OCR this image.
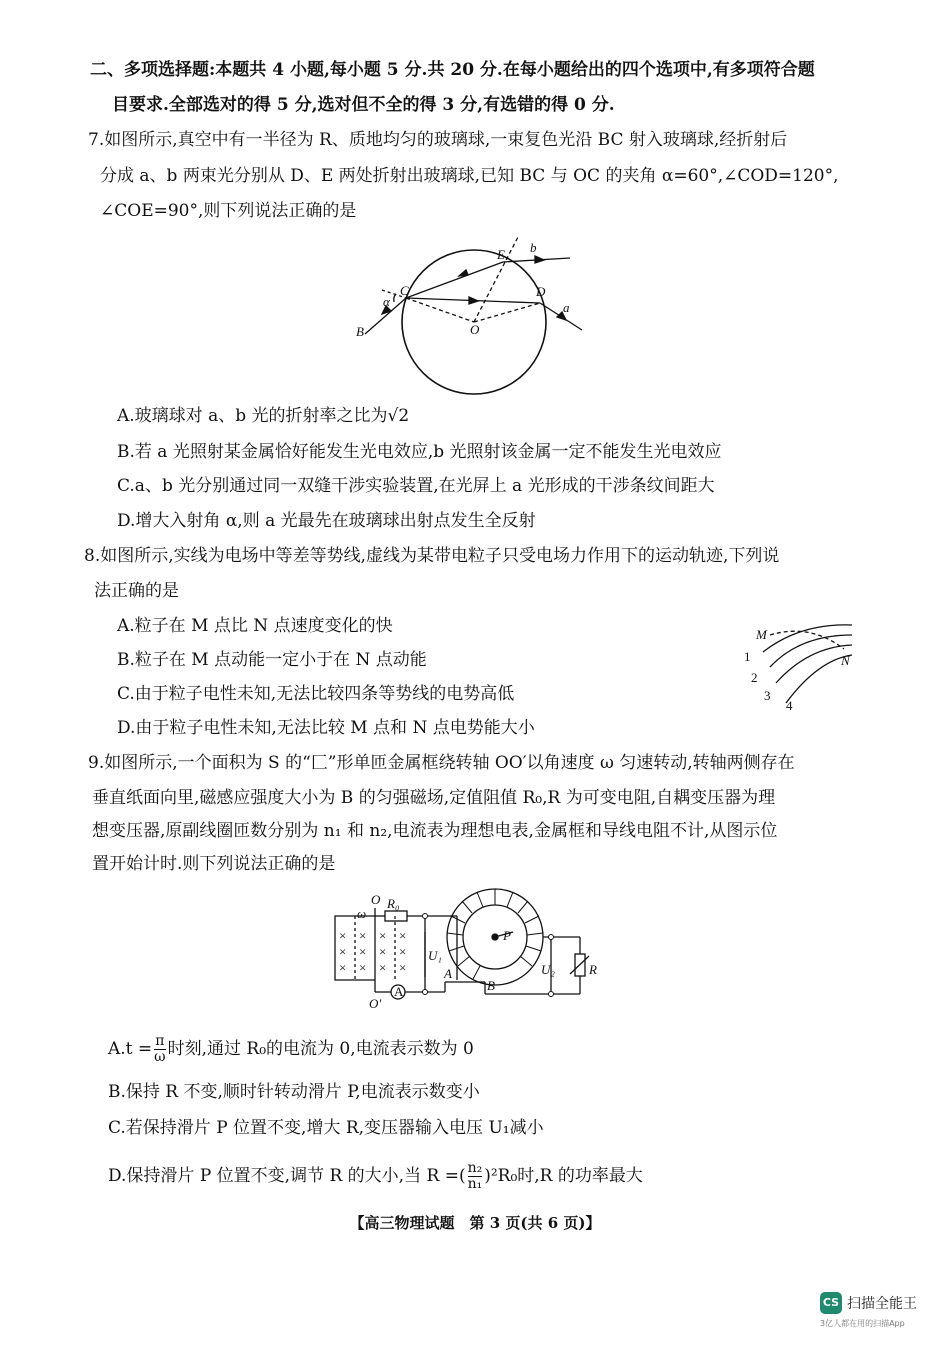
二、多项选择题:本题共 4 小题,每小题 5 分.共 20 分.在每小题给出的四个选项中,有多项符合题
目要求.全部选对的得 5 分,选对但不全的得 3 分,有选错的得 0 分.
7.如图所示,真空中有一半径为 R、质地均匀的玻璃球,一束复色光沿 BC 射入玻璃球,经折射后
分成 a、b 两束光分别从 D、E 两处折射出玻璃球,已知 BC 与 OC 的夹角 α=60°,∠COD=120°,
∠COE=90°,则下列说法正确的是
E b
C	D
a
α
B	O
A.玻璃球对 a、b 光的折射率之比为√2
B.若 a 光照射某金属恰好能发生光电效应,b 光照射该金属一定不能发生光电效应
C.a、b 光分别通过同一双缝干涉实验装置,在光屏上 a 光形成的干涉条纹间距大
D.增大入射角 α,则 a 光最先在玻璃球出射点发生全反射
8.如图所示,实线为电场中等差等势线,虚线为某带电粒子只受电场力作用下的运动轨迹,下列说
法正确的是
A.粒子在 M 点比 N 点速度变化的快
B.粒子在 M 点动能一定小于在 N 点动能
C.由于粒子电性未知,无法比较四条等势线的电势高低
D.由于粒子电性未知,无法比较 M 点和 N 点电势能大小
M
N
1
2
3
4
9.如图所示,一个面积为 S 的“匚”形单匝金属框绕转轴 OO′以角速度 ω 匀速转动,转轴两侧存在
垂直纸面向里,磁感应强度大小为 B 的匀强磁场,定值阻值 R₀,R 为可变电阻,自耦变压器为理
想变压器,原副线圈匝数分别为 n₁ 和 n₂,电流表为理想电表,金属框和导线电阻不计,从图示位
置开始计时.则下列说法正确的是
×
×
×
×
×
×
×
×
×
×
×
×
O
O′
ω
R₀
U₁
U₂
A
B
P
R
A
$A.t = \frac{\pi}{\omega}$ 时刻,通过 R₀的电流为 0,电流表示数为 0
B.保持 R 不变,顺时针转动滑片 P,电流表示数变小
C.若保持滑片 P 位置不变,增大 R,变压器输入电压 U₁减小
D.保持滑片 P 位置不变,调节 R 的大小,当 R =( $\frac{\text{n₂}}{\text{n₁}} )^2R_0$时,R 的功率最大
【高三物理试题　第 3 页(共 6 页)】
CS 扫描全能王
3亿人都在用的扫描App
